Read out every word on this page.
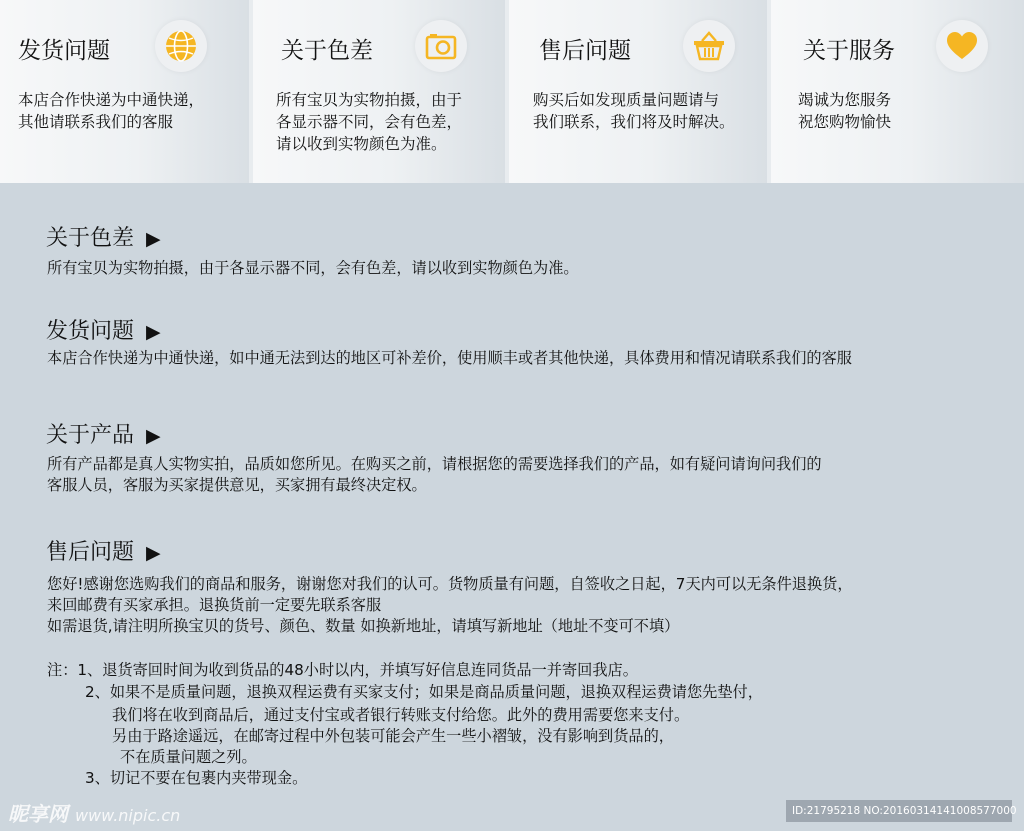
发货问题
本店合作快递为中通快递，
其他请联系我们的客服
关于色差
所有宝贝为实物拍摄，由于
各显示器不同，会有色差，
请以收到实物颜色为准。
售后问题
购买后如发现质量问题请与
我们联系，我们将及时解决。
关于服务
竭诚为您服务
祝您购物愉快
关于色差 ▶
所有宝贝为实物拍摄，由于各显示器不同，会有色差，请以收到实物颜色为准。
发货问题 ▶
本店合作快递为中通快递，如中通无法到达的地区可补差价，使用顺丰或者其他快递，具体费用和情况请联系我们的客服
关于产品 ▶
所有产品都是真人实物实拍，品质如您所见。在购买之前，请根据您的需要选择我们的产品，如有疑问请询问我们的
客服人员，客服为买家提供意见，买家拥有最终决定权。
售后问题 ▶
您好!感谢您选购我们的商品和服务，谢谢您对我们的认可。货物质量有问题，自签收之日起，7天内可以无条件退换货，
来回邮费有买家承担。退换货前一定要先联系客服
如需退货,请注明所换宝贝的货号、颜色、数量 如换新地址，请填写新地址（地址不变可不填）
注：1、退货寄回时间为收到货品的48小时以内，并填写好信息连同货品一并寄回我店。
2、如果不是质量问题，退换双程运费有买家支付；如果是商品质量问题，退换双程运费请您先垫付，
我们将在收到商品后，通过支付宝或者银行转账支付给您。此外的费用需要您来支付。
另由于路途遥远，在邮寄过程中外包装可能会产生一些小褶皱，没有影响到货品的，
不在质量问题之列。
3、切记不要在包裹内夹带现金。
昵享网 www.nipic.cn	ID:21795218 NO:20160314141008577000
